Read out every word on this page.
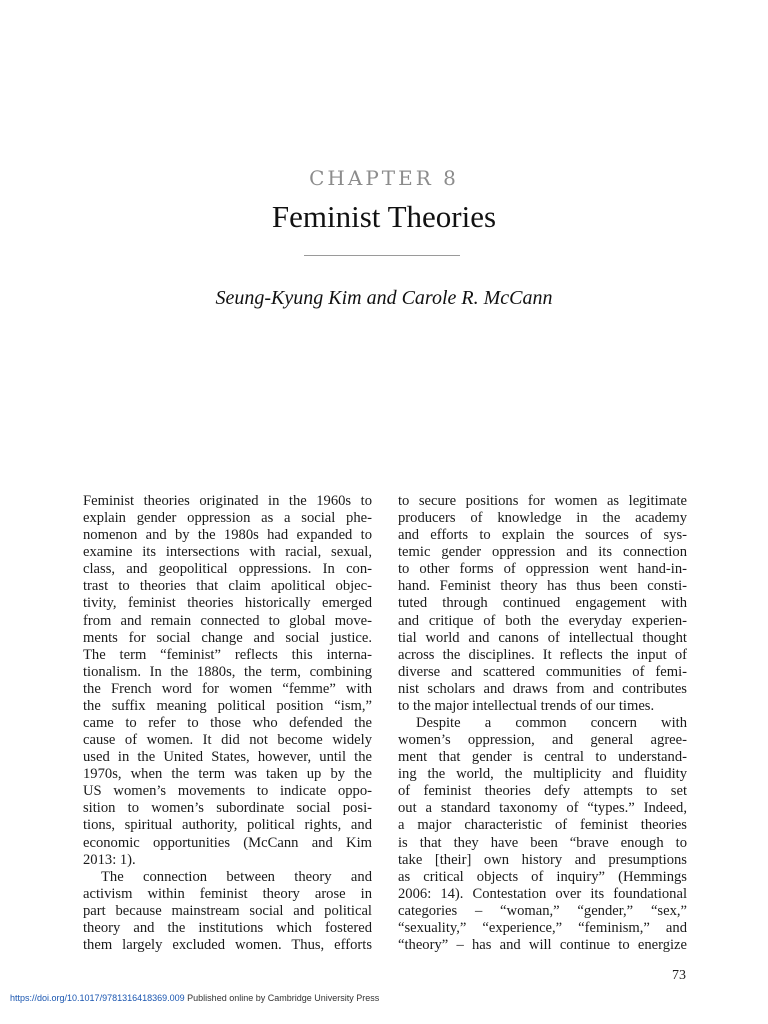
CHAPTER 8
Feminist Theories
Seung-Kyung Kim and Carole R. McCann
Feminist theories originated in the 1960s to
explain gender oppression as a social phe-
nomenon and by the 1980s had expanded to
examine its intersections with racial, sexual,
class, and geopolitical oppressions. In con-
trast to theories that claim apolitical objec-
tivity, feminist theories historically emerged
from and remain connected to global move-
ments for social change and social justice.
The term “feminist” reflects this interna-
tionalism. In the 1880s, the term, combining
the French word for women “femme” with
the suffix meaning political position “ism,”
came to refer to those who defended the
cause of women. It did not become widely
used in the United States, however, until the
1970s, when the term was taken up by the
US women’s movements to indicate oppo-
sition to women’s subordinate social posi-
tions, spiritual authority, political rights, and
economic opportunities (McCann and Kim
2013: 1).
The connection between theory and
activism within feminist theory arose in
part because mainstream social and political
theory and the institutions which fostered
them largely excluded women. Thus, efforts
to secure positions for women as legitimate
producers of knowledge in the academy
and efforts to explain the sources of sys-
temic gender oppression and its connection
to other forms of oppression went hand-in-
hand. Feminist theory has thus been consti-
tuted through continued engagement with
and critique of both the everyday experien-
tial world and canons of intellectual thought
across the disciplines. It reflects the input of
diverse and scattered communities of femi-
nist scholars and draws from and contributes
to the major intellectual trends of our times.
Despite a common concern with
women’s oppression, and general agree-
ment that gender is central to understand-
ing the world, the multiplicity and fluidity
of feminist theories defy attempts to set
out a standard taxonomy of “types.” Indeed,
a major characteristic of feminist theories
is that they have been “brave enough to
take [their] own history and presumptions
as critical objects of inquiry” (Hemmings
2006: 14). Contestation over its foundational
categories – “woman,” “gender,” “sex,”
“sexuality,” “experience,” “feminism,” and
“theory” – has and will continue to energize
73
https://doi.org/10.1017/9781316418369.009 Published online by Cambridge University Press
